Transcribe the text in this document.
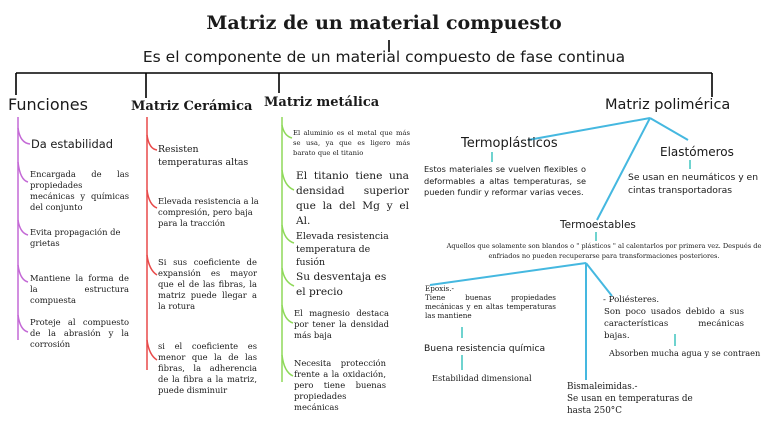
Matriz de un material compuesto
Es el componente de un material compuesto de fase continua
Funciones
Da estabilidad
Encargada de las propiedades mecánicas y químicas del conjunto
Evita propagación de grietas
Mantiene la forma de la estructura compuesta
Proteje al compuesto de la abrasión y la corrosión
Matriz Cerámica
Resisten temperaturas altas
Elevada resistencia a la compresión, pero baja para la tracción
Si sus coeficiente de expansión es mayor que el de las fibras, la matriz puede llegar a la rotura
si el coeficiente es menor que la de las fibras, la adherencia de la fibra a la matriz, puede disminuir
Matriz metálica
El aluminio es el metal que más se usa, ya que es ligero más barato que el titanio
El titanio tiene una densidad superior que la del Mg y el Al.
Elevada resistencia temperatura de fusión
Su desventaja es el precio
El magnesio destaca por tener la densidad más baja
Necesita protección frente a la oxidación, pero tiene buenas propiedades mecánicas
Matriz polimérica
Termoplásticos
Estos materiales se vuelven flexibles o deformables a altas temperaturas, se pueden fundir y reformar varias veces.
Elastómeros
Se usan en neumáticos y en cintas transportadoras
Termoestables
Aquellos que solamente son blandos o " plásticos " al calentarlos por primera vez. Después de enfriados no pueden recuperarse para transformaciones posteriores.
Epoxis.-
Tiene buenas propiedades mecánicas y en altas temperaturas las mantiene
Buena resistencia química
Estabilidad dimensional
Bismaleimidas.-
Se usan en temperaturas de hasta 250°C
- Poliésteres.
Son poco usados debido a sus características mecánicas bajas.
Absorben mucha agua y se contraen
